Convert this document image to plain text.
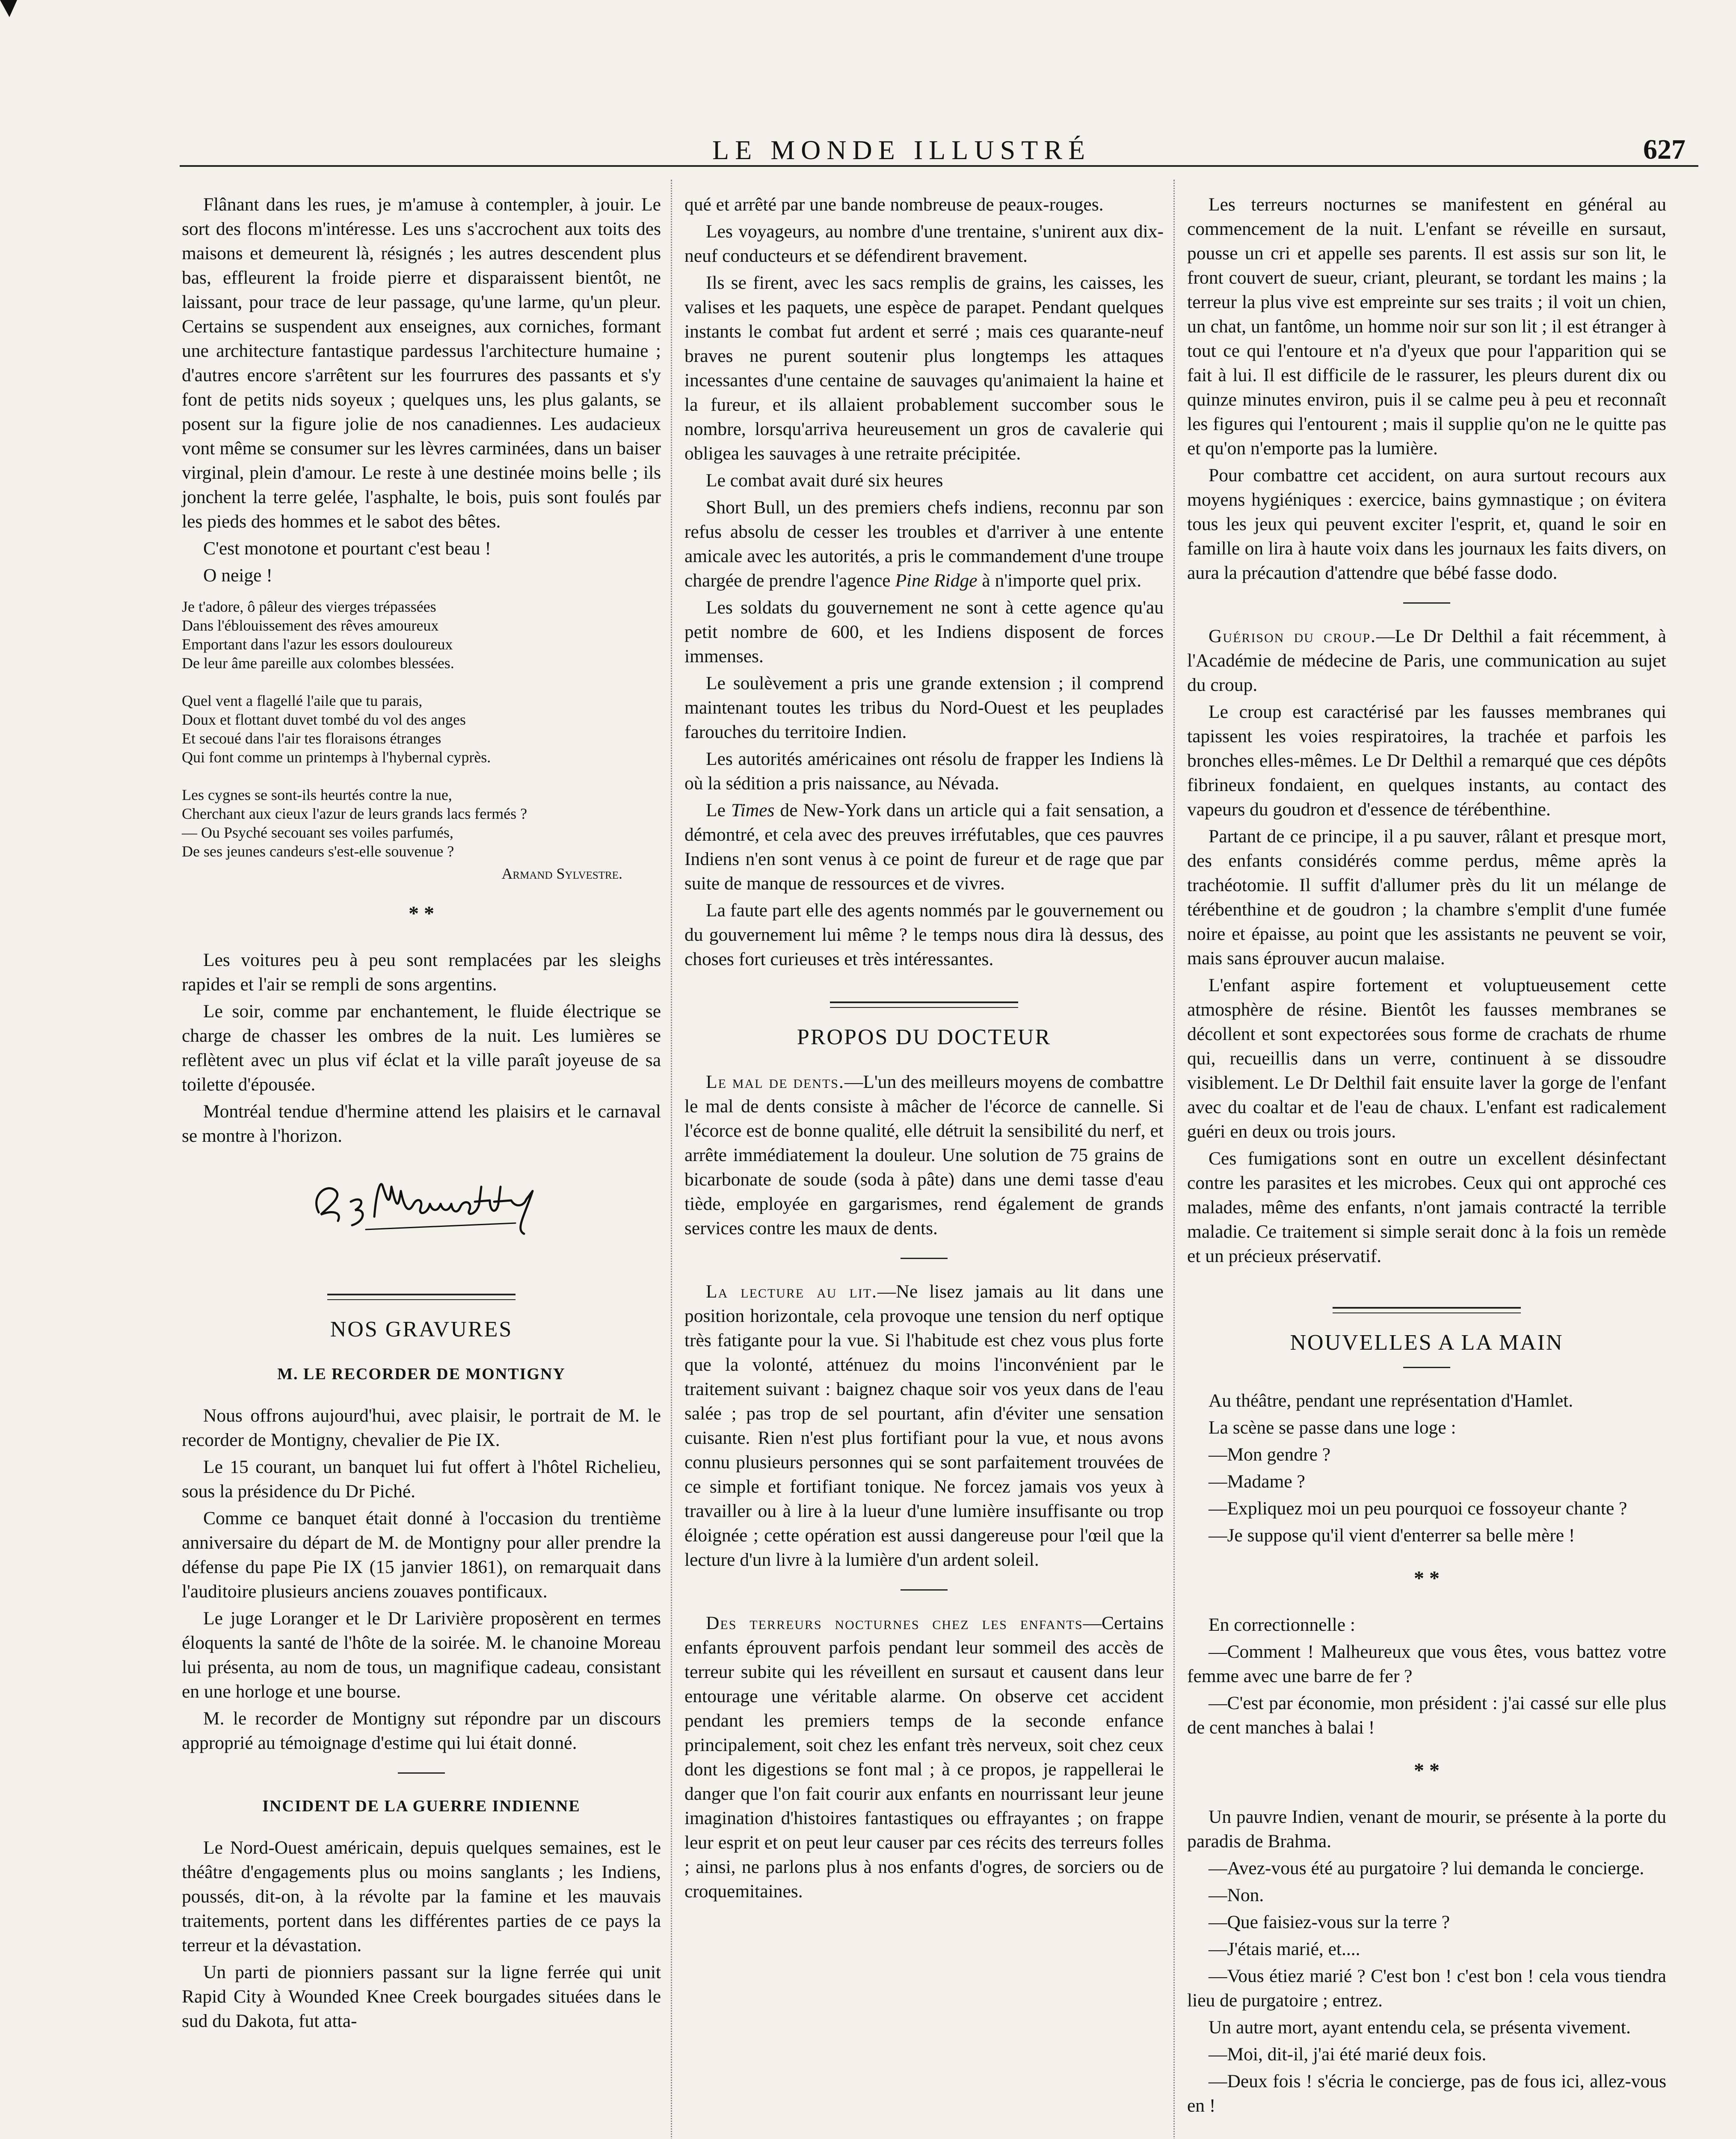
LE MONDE ILLUSTRÉ	627

Flânant dans les rues, je m'amuse à contempler, à jouir. Le sort des flocons m'intéresse. Les uns s'accrochent aux toits des maisons et demeurent là, résignés ; les autres descendent plus bas, effleurent la froide pierre et disparaissent bientôt, ne laissant, pour trace de leur passage, qu'une larme, qu'un pleur. Certains se suspendent aux enseignes, aux corniches, formant une architecture fantastique pardessus l'architecture humaine ; d'autres encore s'arrêtent sur les fourrures des passants et s'y font de petits nids soyeux ; quelques uns, les plus galants, se posent sur la figure jolie de nos canadiennes. Les audacieux vont même se consumer sur les lèvres carminées, dans un baiser virginal, plein d'amour. Le reste à une destinée moins belle ; ils jonchent la terre gelée, l'asphalte, le bois, puis sont foulés par les pieds des hommes et le sabot des bêtes.

C'est monotone et pourtant c'est beau !

O neige !

Je t'adore, ô pâleur des vierges trépassées
Dans l'éblouissement des rêves amoureux
Emportant dans l'azur les essors douloureux
De leur âme pareille aux colombes blessées.
Quel vent a flagellé l'aile que tu parais,
Doux et flottant duvet tombé du vol des anges
Et secoué dans l'air tes floraisons étranges
Qui font comme un printemps à l'hybernal cyprès.
Les cygnes se sont-ils heurtés contre la nue,
Cherchant aux cieux l'azur de leurs grands lacs fermés ?
— Ou Psyché secouant ses voiles parfumés,
De ses jeunes candeurs s'est-elle souvenue ?
Armand Sylvestre.
* *

Les voitures peu à peu sont remplacées par les sleighs rapides et l'air se rempli de sons argentins.

Le soir, comme par enchantement, le fluide électrique se charge de chasser les ombres de la nuit. Les lumières se reflètent avec un plus vif éclat et la ville paraît joyeuse de sa toilette d'épousée.

Montréal tendue d'hermine attend les plaisirs et le carnaval se montre à l'horizon.

NOS GRAVURES
M. LE RECORDER DE MONTIGNY

Nous offrons aujourd'hui, avec plaisir, le portrait de M. le recorder de Montigny, chevalier de Pie IX.

Le 15 courant, un banquet lui fut offert à l'hôtel Richelieu, sous la présidence du Dr Piché.

Comme ce banquet était donné à l'occasion du trentième anniversaire du départ de M. de Montigny pour aller prendre la défense du pape Pie IX (15 janvier 1861), on remarquait dans l'auditoire plusieurs anciens zouaves pontificaux.

Le juge Loranger et le Dr Larivière proposèrent en termes éloquents la santé de l'hôte de la soirée. M. le chanoine Moreau lui présenta, au nom de tous, un magnifique cadeau, consistant en une horloge et une bourse.

M. le recorder de Montigny sut répondre par un discours approprié au témoignage d'estime qui lui était donné.

INCIDENT DE LA GUERRE INDIENNE

Le Nord-Ouest américain, depuis quelques semaines, est le théâtre d'engagements plus ou moins sanglants ; les Indiens, poussés, dit-on, à la révolte par la famine et les mauvais traitements, portent dans les différentes parties de ce pays la terreur et la dévastation.

Un parti de pionniers passant sur la ligne ferrée qui unit Rapid City à Wounded Knee Creek bourgades situées dans le sud du Dakota, fut atta-

qué et arrêté par une bande nombreuse de peaux-rouges.

Les voyageurs, au nombre d'une trentaine, s'unirent aux dix-neuf conducteurs et se défendirent bravement.

Ils se firent, avec les sacs remplis de grains, les caisses, les valises et les paquets, une espèce de parapet. Pendant quelques instants le combat fut ardent et serré ; mais ces quarante-neuf braves ne purent soutenir plus longtemps les attaques incessantes d'une centaine de sauvages qu'animaient la haine et la fureur, et ils allaient probablement succomber sous le nombre, lorsqu'arriva heureusement un gros de cavalerie qui obligea les sauvages à une retraite précipitée.

Le combat avait duré six heures

Short Bull, un des premiers chefs indiens, reconnu par son refus absolu de cesser les troubles et d'arriver à une entente amicale avec les autorités, a pris le commandement d'une troupe chargée de prendre l'agence Pine Ridge à n'importe quel prix.

Les soldats du gouvernement ne sont à cette agence qu'au petit nombre de 600, et les Indiens disposent de forces immenses.

Le soulèvement a pris une grande extension ; il comprend maintenant toutes les tribus du Nord-Ouest et les peuplades farouches du territoire Indien.

Les autorités américaines ont résolu de frapper les Indiens là où la sédition a pris naissance, au Névada.

Le Times de New-York dans un article qui a fait sensation, a démontré, et cela avec des preuves irréfutables, que ces pauvres Indiens n'en sont venus à ce point de fureur et de rage que par suite de manque de ressources et de vivres.

La faute part elle des agents nommés par le gouvernement ou du gouvernement lui même ? le temps nous dira là dessus, des choses fort curieuses et très intéressantes.

PROPOS DU DOCTEUR

Le mal de dents.—L'un des meilleurs moyens de combattre le mal de dents consiste à mâcher de l'écorce de cannelle. Si l'écorce est de bonne qualité, elle détruit la sensibilité du nerf, et arrête immédiatement la douleur. Une solution de 75 grains de bicarbonate de soude (soda à pâte) dans une demi tasse d'eau tiède, employée en gargarismes, rend également de grands services contre les maux de dents.

La lecture au lit.—Ne lisez jamais au lit dans une position horizontale, cela provoque une tension du nerf optique très fatigante pour la vue. Si l'habitude est chez vous plus forte que la volonté, atténuez du moins l'inconvénient par le traitement suivant : baignez chaque soir vos yeux dans de l'eau salée ; pas trop de sel pourtant, afin d'éviter une sensation cuisante. Rien n'est plus fortifiant pour la vue, et nous avons connu plusieurs personnes qui se sont parfaitement trouvées de ce simple et fortifiant tonique. Ne forcez jamais vos yeux à travailler ou à lire à la lueur d'une lumière insuffisante ou trop éloignée ; cette opération est aussi dangereuse pour l'œil que la lecture d'un livre à la lumière d'un ardent soleil.

Des terreurs nocturnes chez les enfants—Certains enfants éprouvent parfois pendant leur sommeil des accès de terreur subite qui les réveillent en sursaut et causent dans leur entourage une véritable alarme. On observe cet accident pendant les premiers temps de la seconde enfance principalement, soit chez les enfant très nerveux, soit chez ceux dont les digestions se font mal ; à ce propos, je rappellerai le danger que l'on fait courir aux enfants en nourrissant leur jeune imagination d'histoires fantastiques ou effrayantes ; on frappe leur esprit et on peut leur causer par ces récits des terreurs folles ; ainsi, ne parlons plus à nos enfants d'ogres, de sorciers ou de croquemitaines.

Les terreurs nocturnes se manifestent en général au commencement de la nuit. L'enfant se réveille en sursaut, pousse un cri et appelle ses parents. Il est assis sur son lit, le front couvert de sueur, criant, pleurant, se tordant les mains ; la terreur la plus vive est empreinte sur ses traits ; il voit un chien, un chat, un fantôme, un homme noir sur son lit ; il est étranger à tout ce qui l'entoure et n'a d'yeux que pour l'apparition qui se fait à lui. Il est difficile de le rassurer, les pleurs durent dix ou quinze minutes environ, puis il se calme peu à peu et reconnaît les figures qui l'entourent ; mais il supplie qu'on ne le quitte pas et qu'on n'emporte pas la lumière.

Pour combattre cet accident, on aura surtout recours aux moyens hygiéniques : exercice, bains gymnastique ; on évitera tous les jeux qui peuvent exciter l'esprit, et, quand le soir en famille on lira à haute voix dans les journaux les faits divers, on aura la précaution d'attendre que bébé fasse dodo.

Guérison du croup.—Le Dr Delthil a fait récemment, à l'Académie de médecine de Paris, une communication au sujet du croup.

Le croup est caractérisé par les fausses membranes qui tapissent les voies respiratoires, la trachée et parfois les bronches elles-mêmes. Le Dr Delthil a remarqué que ces dépôts fibrineux fondaient, en quelques instants, au contact des vapeurs du goudron et d'essence de térébenthine.

Partant de ce principe, il a pu sauver, râlant et presque mort, des enfants considérés comme perdus, même après la trachéotomie. Il suffit d'allumer près du lit un mélange de térébenthine et de goudron ; la chambre s'emplit d'une fumée noire et épaisse, au point que les assistants ne peuvent se voir, mais sans éprouver aucun malaise.

L'enfant aspire fortement et voluptueusement cette atmosphère de résine. Bientôt les fausses membranes se décollent et sont expectorées sous forme de crachats de rhume qui, recueillis dans un verre, continuent à se dissoudre visiblement. Le Dr Delthil fait ensuite laver la gorge de l'enfant avec du coaltar et de l'eau de chaux. L'enfant est radicalement guéri en deux ou trois jours.

Ces fumigations sont en outre un excellent désinfectant contre les parasites et les microbes. Ceux qui ont approché ces malades, même des enfants, n'ont jamais contracté la terrible maladie. Ce traitement si simple serait donc à la fois un remède et un précieux préservatif.

NOUVELLES A LA MAIN

Au théâtre, pendant une représentation d'Hamlet.

La scène se passe dans une loge :

—Mon gendre ?

—Madame ?

—Expliquez moi un peu pourquoi ce fossoyeur chante ?

—Je suppose qu'il vient d'enterrer sa belle mère !

* *

En correctionnelle :

—Comment ! Malheureux que vous êtes, vous battez votre femme avec une barre de fer ?

—C'est par économie, mon président : j'ai cassé sur elle plus de cent manches à balai !

* *

Un pauvre Indien, venant de mourir, se présente à la porte du paradis de Brahma.

—Avez-vous été au purgatoire ? lui demanda le concierge.

—Non.

—Que faisiez-vous sur la terre ?

—J'étais marié, et....

—Vous étiez marié ? C'est bon ! c'est bon ! cela vous tiendra lieu de purgatoire ; entrez.

Un autre mort, ayant entendu cela, se présenta vivement.

—Moi, dit-il, j'ai été marié deux fois.

—Deux fois ! s'écria le concierge, pas de fous ici, allez-vous en !
